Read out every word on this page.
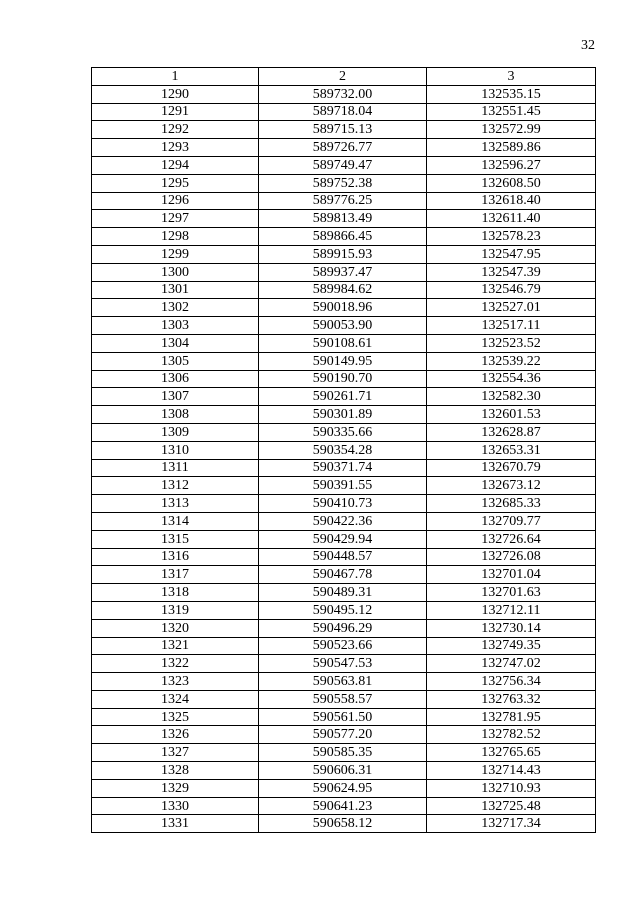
32
1	2	3
1290	589732.00	132535.15
1291	589718.04	132551.45
1292	589715.13	132572.99
1293	589726.77	132589.86
1294	589749.47	132596.27
1295	589752.38	132608.50
1296	589776.25	132618.40
1297	589813.49	132611.40
1298	589866.45	132578.23
1299	589915.93	132547.95
1300	589937.47	132547.39
1301	589984.62	132546.79
1302	590018.96	132527.01
1303	590053.90	132517.11
1304	590108.61	132523.52
1305	590149.95	132539.22
1306	590190.70	132554.36
1307	590261.71	132582.30
1308	590301.89	132601.53
1309	590335.66	132628.87
1310	590354.28	132653.31
1311	590371.74	132670.79
1312	590391.55	132673.12
1313	590410.73	132685.33
1314	590422.36	132709.77
1315	590429.94	132726.64
1316	590448.57	132726.08
1317	590467.78	132701.04
1318	590489.31	132701.63
1319	590495.12	132712.11
1320	590496.29	132730.14
1321	590523.66	132749.35
1322	590547.53	132747.02
1323	590563.81	132756.34
1324	590558.57	132763.32
1325	590561.50	132781.95
1326	590577.20	132782.52
1327	590585.35	132765.65
1328	590606.31	132714.43
1329	590624.95	132710.93
1330	590641.23	132725.48
1331	590658.12	132717.34
